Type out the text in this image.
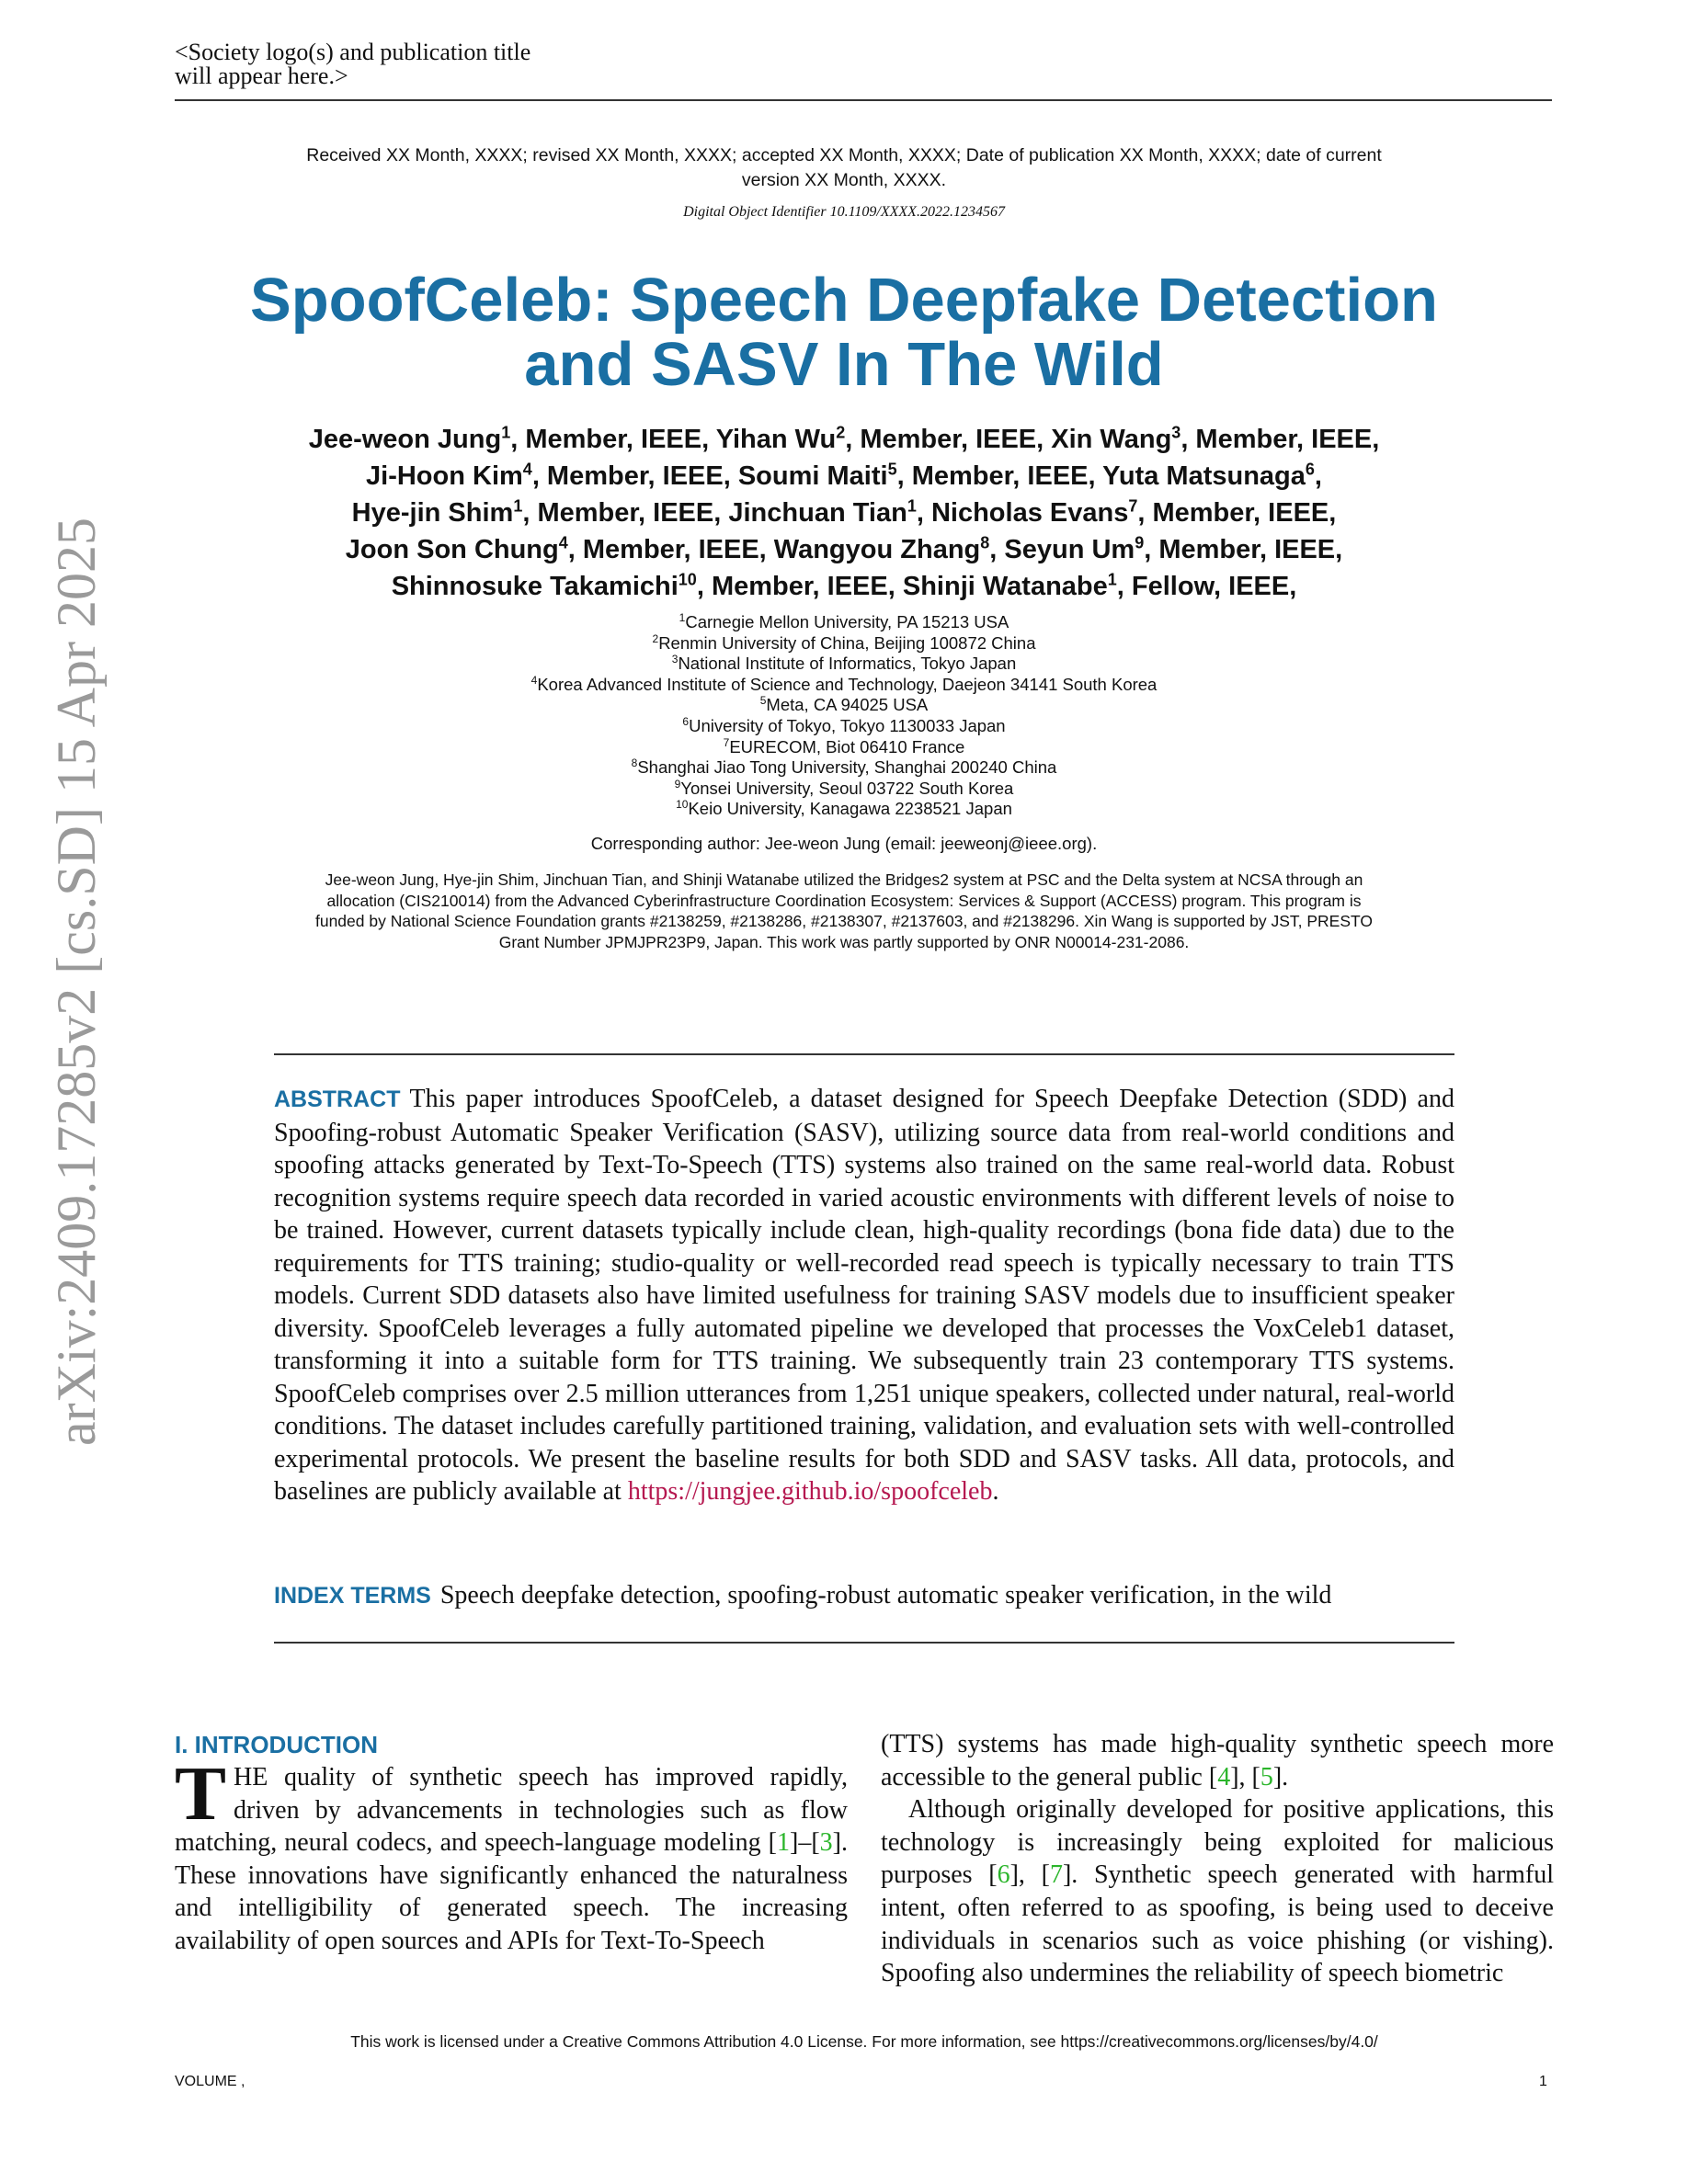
<Society logo(s) and publication title will appear here.>
Received XX Month, XXXX; revised XX Month, XXXX; accepted XX Month, XXXX; Date of publication XX Month, XXXX; date of current version XX Month, XXXX.
Digital Object Identifier 10.1109/XXXX.2022.1234567
SpoofCeleb: Speech Deepfake Detection and SASV In The Wild
Jee-weon Jung$^1$, Member, IEEE, Yihan Wu$^2$, Member, IEEE, Xin Wang$^3$, Member, IEEE,
Ji-Hoon Kim$^4$, Member, IEEE, Soumi Maiti$^5$, Member, IEEE, Yuta Matsunaga$^6$,
Hye-jin Shim$^1$, Member, IEEE, Jinchuan Tian$^1$, Nicholas Evans$^7$, Member, IEEE,
Joon Son Chung$^4$, Member, IEEE, Wangyou Zhang$^8$, Seyun Um$^9$, Member, IEEE,
Shinnosuke Takamichi$^{10}$, Member, IEEE, Shinji Watanabe$^1$, Fellow, IEEE,
$^1$Carnegie Mellon University, PA 15213 USA
$^2$Renmin University of China, Beijing 100872 China
$^3$National Institute of Informatics, Tokyo Japan
$^4$Korea Advanced Institute of Science and Technology, Daejeon 34141 South Korea
$^5$Meta, CA 94025 USA
$^6$University of Tokyo, Tokyo 1130033 Japan
$^7$EURECOM, Biot 06410 France
$^8$Shanghai Jiao Tong University, Shanghai 200240 China
$^9$Yonsei University, Seoul 03722 South Korea
$^{10}$Keio University, Kanagawa 2238521 Japan
Corresponding author: Jee-weon Jung (email: jeeweonj@ieee.org).
Jee-weon Jung, Hye-jin Shim, Jinchuan Tian, and Shinji Watanabe utilized the Bridges2 system at PSC and the Delta system at NCSA through an allocation (CIS210014) from the Advanced Cyberinfrastructure Coordination Ecosystem: Services & Support (ACCESS) program. This program is funded by National Science Foundation grants #2138259, #2138286, #2138307, #2137603, and #2138296. Xin Wang is supported by JST, PRESTO Grant Number JPMJPR23P9, Japan. This work was partly supported by ONR N00014-231-2086.
ABSTRACT This paper introduces SpoofCeleb, a dataset designed for Speech Deepfake Detection (SDD) and Spoofing-robust Automatic Speaker Verification (SASV), utilizing source data from real-world conditions and spoofing attacks generated by Text-To-Speech (TTS) systems also trained on the same real-world data. Robust recognition systems require speech data recorded in varied acoustic environments with different levels of noise to be trained. However, current datasets typically include clean, high-quality recordings (bona fide data) due to the requirements for TTS training; studio-quality or well-recorded read speech is typically necessary to train TTS models. Current SDD datasets also have limited usefulness for training SASV models due to insufficient speaker diversity. SpoofCeleb leverages a fully automated pipeline we developed that processes the VoxCeleb1 dataset, transforming it into a suitable form for TTS training. We subsequently train 23 contemporary TTS systems. SpoofCeleb comprises over 2.5 million utterances from 1,251 unique speakers, collected under natural, real-world conditions. The dataset includes carefully partitioned training, validation, and evaluation sets with well-controlled experimental protocols. We present the baseline results for both SDD and SASV tasks. All data, protocols, and baselines are publicly available at https://jungjee.github.io/spoofceleb.
INDEX TERMS Speech deepfake detection, spoofing-robust automatic speaker verification, in the wild
I. INTRODUCTION
THE quality of synthetic speech has improved rapidly, driven by advancements in technologies such as flow matching, neural codecs, and speech-language modeling [1]–[3]. These innovations have significantly enhanced the naturalness and intelligibility of generated speech. The increasing availability of open sources and APIs for Text-To-Speech

(TTS) systems has made high-quality synthetic speech more accessible to the general public [4], [5].

Although originally developed for positive applications, this technology is increasingly being exploited for malicious purposes [6], [7]. Synthetic speech generated with harmful intent, often referred to as spoofing, is being used to deceive individuals in scenarios such as voice phishing (or vishing). Spoofing also undermines the reliability of speech biometric

This work is licensed under a Creative Commons Attribution 4.0 License. For more information, see https://creativecommons.org/licenses/by/4.0/
VOLUME ,	1
arXiv:2409.17285v2 [cs.SD] 15 Apr 2025
